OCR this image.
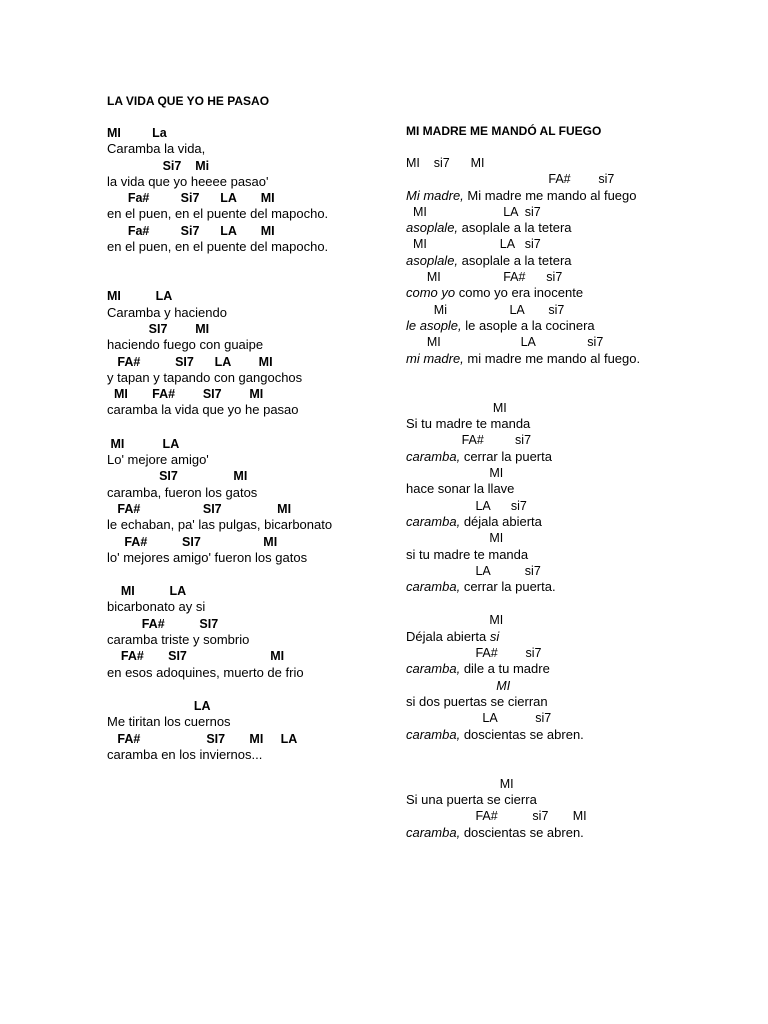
LA VIDA QUE YO HE PASAO
MI         La
Caramba la vida,
Si7    Mi
la vida que yo heeee pasao'
Fa#         Si7      LA       MI
en el puen, en el puente del mapocho.
Fa#         Si7      LA       MI
en el puen, en el puente del mapocho.
MI          LA
Caramba y haciendo
SI7        MI
haciendo fuego con guaipe
FA#          SI7      LA        MI
y tapan y tapando con gangochos
MI       FA#        SI7        MI
caramba la vida que yo he pasao
MI           LA
Lo' mejore amigo'
SI7                MI
caramba, fueron los gatos
FA#                  SI7                MI
le echaban, pa' las pulgas, bicarbonato
FA#          SI7                  MI
lo' mejores amigo' fueron los gatos
MI          LA
bicarbonato ay si
FA#          SI7
caramba triste y sombrio
FA#       SI7                        MI
en esos adoquines, muerto de frio
LA
Me tiritan los cuernos
FA#                   SI7       MI     LA
caramba en los inviernos...
MI MADRE ME MANDÓ AL FUEGO
MI    si7      MI
FA#        si7
Mi madre, Mi madre me mando al fuego
MI                      LA  si7
asoplale, asoplale a la tetera
MI                     LA   si7
asoplale, asoplale a la tetera
MI                  FA#      si7
como yo como yo era inocente
Mi                  LA       si7
le asople, le asople a la cocinera
MI                       LA               si7
mi madre, mi madre me mando al fuego.
MI
Si tu madre te manda
FA#         si7
caramba, cerrar la puerta
MI
hace sonar la llave
LA      si7
caramba, déjala abierta
MI
si tu madre te manda
LA          si7
caramba, cerrar la puerta.
MI
Déjala abierta si
FA#        si7
caramba, dile a tu madre
MI
si dos puertas se cierran
LA           si7
caramba, doscientas se abren.
MI
Si una puerta se cierra
FA#          si7       MI
caramba, doscientas se abren.
